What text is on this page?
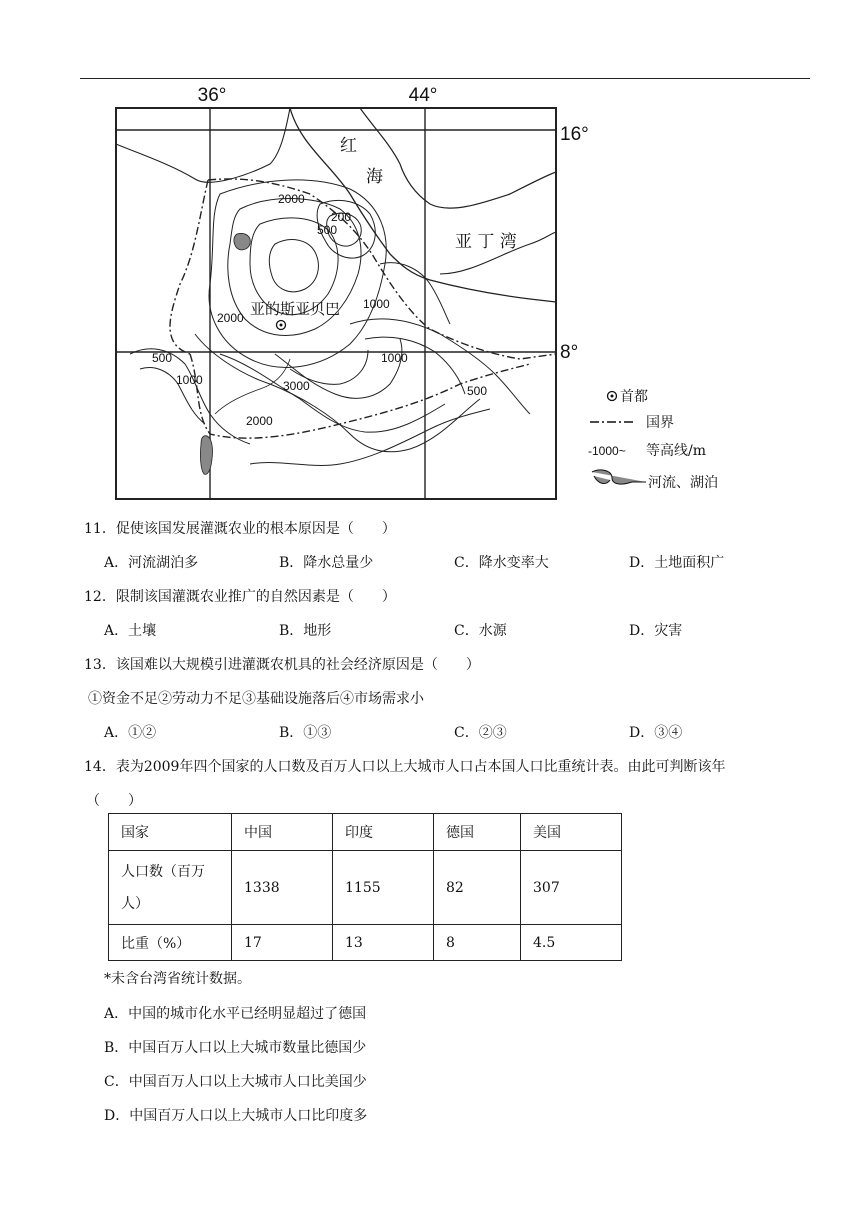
36°	44°
16°
8°
红
海
亚 丁 湾
亚的斯亚贝巴
2000
200
500
1000
2000
500
1000
1000
3000
2000
500	首都
国界
-1000~ 等高线/m
河流、湖泊
11．促使该国发展灌溉农业的根本原因是（　　）
A．河流湖泊多	B．降水总量少	C．降水变率大	D．土地面积广
12．限制该国灌溉农业推广的自然因素是（　　）
A．土壤	B．地形	C．水源	D．灾害
13．该国难以大规模引进灌溉农机具的社会经济原因是（　　）
①资金不足②劳动力不足③基础设施落后④市场需求小
A．①②	B．①③	C．②③	D．③④
14．表为2009年四个国家的人口数及百万人口以上大城市人口占本国人口比重统计表。由此可判断该年
（　　）
国家	中国	印度	德国	美国

人口数（百万
人）	1338	1155	82	307
比重（%）	17	13	8	4.5
*未含台湾省统计数据。
A．中国的城市化水平已经明显超过了德国
B．中国百万人口以上大城市数量比德国少
C．中国百万人口以上大城市人口比美国少
D．中国百万人口以上大城市人口比印度多
